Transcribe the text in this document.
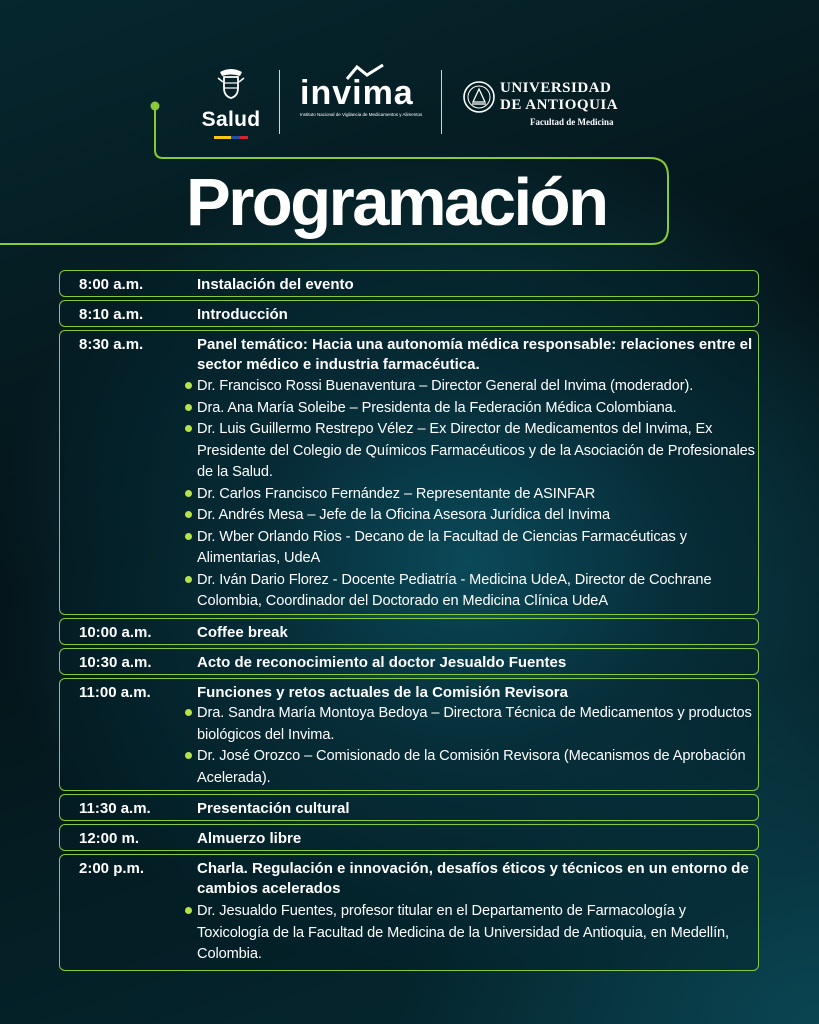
Salud
invima
Instituto Nacional de Vigilancia de Medicamentos y Alimentos
UNIVERSIDAD
DE ANTIOQUIA
Facultad de Medicina
Programación
8:00 a.m.	Instalación del evento
8:10 a.m.	Introducción
8:30 a.m.	Panel temático: Hacia una autonomía médica responsable: relaciones entre el sector médico e industria farmacéutica.
Dr. Francisco Rossi Buenaventura – Director General del Invima (moderador).
Dra. Ana María Soleibe – Presidenta de la Federación Médica Colombiana.
Dr. Luis Guillermo Restrepo Vélez – Ex Director de Medicamentos del Invima, Ex Presidente del Colegio de Químicos Farmacéuticos y de la Asociación de Profesionales de la Salud.
Dr. Carlos Francisco Fernández – Representante de ASINFAR
Dr. Andrés Mesa – Jefe de la Oficina Asesora Jurídica del Invima
Dr. Wber Orlando Rios - Decano de la Facultad de Ciencias Farmacéuticas y Alimentarias, UdeA
Dr. Iván Dario Florez - Docente Pediatría - Medicina UdeA, Director de Cochrane Colombia, Coordinador del Doctorado en Medicina Clínica UdeA
10:00 a.m.	Coffee break
10:30 a.m.	Acto de reconocimiento al doctor Jesualdo Fuentes
11:00 a.m.	Funciones y retos actuales de la Comisión Revisora
Dra. Sandra María Montoya Bedoya – Directora Técnica de Medicamentos y productos biológicos del Invima.
Dr. José Orozco – Comisionado de la Comisión Revisora (Mecanismos de Aprobación Acelerada).
11:30 a.m.	Presentación cultural
12:00 m.	Almuerzo libre
2:00 p.m.	Charla. Regulación e innovación, desafíos éticos y técnicos en un entorno de cambios acelerados
Dr. Jesualdo Fuentes, profesor titular en el Departamento de Farmacología y Toxicología de la Facultad de Medicina de la Universidad de Antioquia, en Medellín, Colombia.
